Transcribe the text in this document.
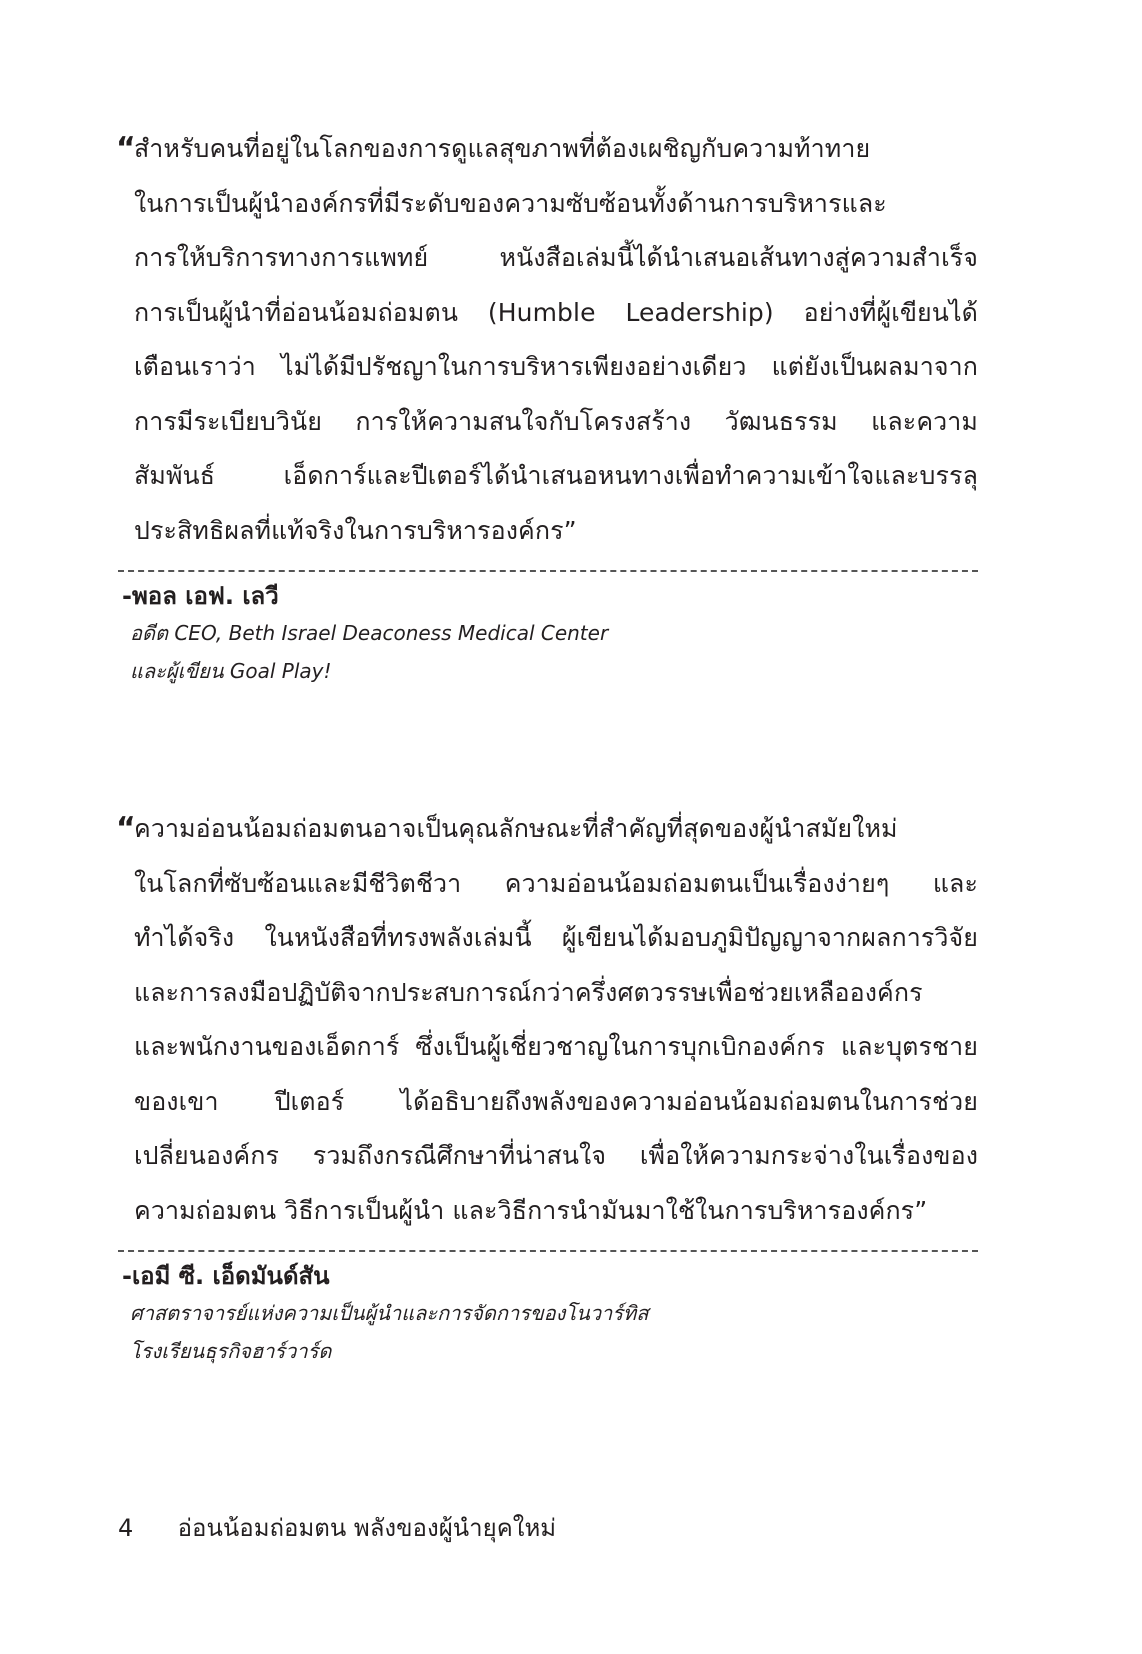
“
สำหรับคนที่อยู่ในโลกของการดูแลสุขภาพที่ต้องเผชิญกับความท้าทาย
ในการเป็นผู้นำองค์กรที่มีระดับของความซับซ้อนทั้งด้านการบริหารและ
การให้บริการทางการแพทย์ หนังสือเล่มนี้ได้นำเสนอเส้นทางสู่ความสำเร็จ
การเป็นผู้นำที่อ่อนน้อมถ่อมตน (Humble Leadership) อย่างที่ผู้เขียนได้
เตือนเราว่า ไม่ได้มีปรัชญาในการบริหารเพียงอย่างเดียว แต่ยังเป็นผลมาจาก
การมีระเบียบวินัย การให้ความสนใจกับโครงสร้าง วัฒนธรรม และความ
สัมพันธ์ เอ็ดการ์และปีเตอร์ได้นำเสนอหนทางเพื่อทำความเข้าใจและบรรลุ
ประสิทธิผลที่แท้จริงในการบริหารองค์กร”
-พอล เอฟ. เลวี
อดีต CEO, Beth Israel Deaconess Medical Center
และผู้เขียน Goal Play!
“
ความอ่อนน้อมถ่อมตนอาจเป็นคุณลักษณะที่สำคัญที่สุดของผู้นำสมัยใหม่
ในโลกที่ซับซ้อนและมีชีวิตชีวา ความอ่อนน้อมถ่อมตนเป็นเรื่องง่ายๆ และ
ทำได้จริง ในหนังสือที่ทรงพลังเล่มนี้ ผู้เขียนได้มอบภูมิปัญญาจากผลการวิจัย
และการลงมือปฏิบัติจากประสบการณ์กว่าครึ่งศตวรรษเพื่อช่วยเหลือองค์กร
และพนักงานของเอ็ดการ์ ซึ่งเป็นผู้เชี่ยวชาญในการบุกเบิกองค์กร และบุตรชาย
ของเขา ปีเตอร์ ได้อธิบายถึงพลังของความอ่อนน้อมถ่อมตนในการช่วย
เปลี่ยนองค์กร รวมถึงกรณีศึกษาที่น่าสนใจ เพื่อให้ความกระจ่างในเรื่องของ
ความถ่อมตน วิธีการเป็นผู้นำ และวิธีการนำมันมาใช้ในการบริหารองค์กร”
-เอมี ซี. เอ็ดมันด์สัน
ศาสตราจารย์แห่งความเป็นผู้นำและการจัดการของโนวาร์ทิส
โรงเรียนธุรกิจฮาร์วาร์ด
4 อ่อนน้อมถ่อมตน พลังของผู้นำยุคใหม่
